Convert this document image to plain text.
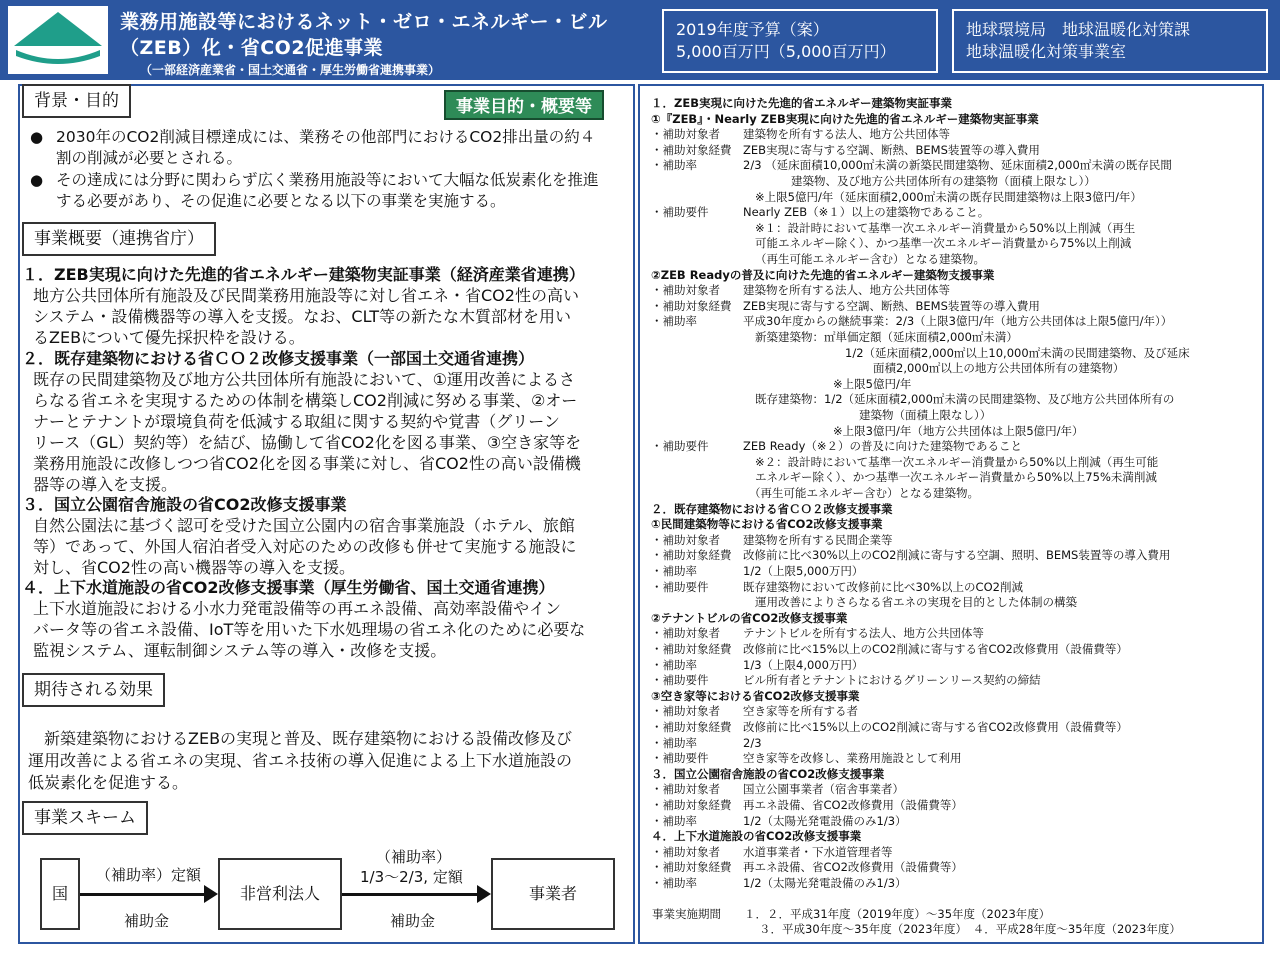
業務用施設等におけるネット・ゼロ・エネルギー・ビル
（ZEB）化・省CO2促進事業
（一部経済産業省・国土交通省・厚生労働省連携事業）
2019年度予算（案）
5,000百万円（5,000百万円）
地球環境局　地球温暖化対策課
地球温暖化対策事業室
背景・目的
● 2030年のCO2削減目標達成には、業務その他部門におけるCO2排出量の約４割の削減が必要とされる。
● その達成には分野に関わらず広く業務用施設等において大幅な低炭素化を推進する必要があり、その促進に必要となる以下の事業を実施する。
事業概要（連携省庁）
１．ZEB実現に向けた先進的省エネルギー建築物実証事業（経済産業省連携）
地方公共団体所有施設及び民間業務用施設等に対し省エネ・省CO2性の高い
システム・設備機器等の導入を支援。なお、CLT等の新たな木質部材を用い
るZEBについて優先採択枠を設ける。
２．既存建築物における省ＣＯ２改修支援事業（一部国土交通省連携）
既存の民間建築物及び地方公共団体所有施設において、①運用改善によるさ
らなる省エネを実現するための体制を構築しCO2削減に努める事業、②オー
ナーとテナントが環境負荷を低減する取組に関する契約や覚書（グリーン
リース（GL）契約等）を結び、協働して省CO2化を図る事業、③空き家等を
業務用施設に改修しつつ省CO2化を図る事業に対し、省CO2性の高い設備機
器等の導入を支援。
３．国立公園宿舎施設の省CO2改修支援事業
自然公園法に基づく認可を受けた国立公園内の宿舎事業施設（ホテル、旅館
等）であって、外国人宿泊者受入対応のための改修も併せて実施する施設に
対し、省CO2性の高い機器等の導入を支援。
４．上下水道施設の省CO2改修支援事業（厚生労働省、国土交通省連携）
上下水道施設における小水力発電設備等の再エネ設備、高効率設備やイン
バータ等の省エネ設備、IoT等を用いた下水処理場の省エネ化のために必要な
監視システム、運転制御システム等の導入・改修を支援。
期待される効果
　新築建築物におけるZEBの実現と普及、既存建築物における設備改修及び
運用改善による省エネの実現、省エネ技術の導入促進による上下水道施設の
低炭素化を促進する。
事業スキーム
国	非営利法人	事業者
（補助率）定額
補助金
（補助率）
1/3～2/3, 定額
補助金
事業目的・概要等	１．ZEB実現に向けた先進的省エネルギー建築物実証事業
①『ZEB』・Nearly ZEB実現に向けた先進的省エネルギー建築物実証事業
・補助対象者　　建築物を所有する法人、地方公共団体等
・補助対象経費　ZEB実現に寄与する空調、断熱、BEMS装置等の導入費用
・補助率　　　　2/3 （延床面積10,000㎡未満の新築民間建築物、延床面積2,000㎡未満の既存民間
建築物、及び地方公共団体所有の建築物（面積上限なし））
※上限5億円/年（延床面積2,000㎡未満の既存民間建築物は上限3億円/年）
・補助要件　　　Nearly ZEB（※１）以上の建築物であること。
※１：設計時において基準一次エネルギー消費量から50%以上削減（再生
可能エネルギー除く）、かつ基準一次エネルギー消費量から75%以上削減
（再生可能エネルギー含む）となる建築物。
②ZEB Readyの普及に向けた先進的省エネルギー建築物支援事業
・補助対象者　　建築物を所有する法人、地方公共団体等
・補助対象経費　ZEB実現に寄与する空調、断熱、BEMS装置等の導入費用
・補助率　　　　平成30年度からの継続事業：2/3（上限3億円/年（地方公共団体は上限5億円/年））
新築建築物：㎡単価定額（延床面積2,000㎡未満）
1/2（延床面積2,000㎡以上10,000㎡未満の民間建築物、及び延床
面積2,000㎡以上の地方公共団体所有の建築物）
※上限5億円/年
既存建築物：1/2（延床面積2,000㎡未満の民間建築物、及び地方公共団体所有の
建築物（面積上限なし））
※上限3億円/年（地方公共団体は上限5億円/年）
・補助要件　　　ZEB Ready（※２）の普及に向けた建築物であること
※２：設計時において基準一次エネルギー消費量から50%以上削減（再生可能
エネルギー除く）、かつ基準一次エネルギー消費量から50%以上75%未満削減
（再生可能エネルギー含む）となる建築物。
２．既存建築物における省ＣＯ２改修支援事業
①民間建築物等における省CO2改修支援事業
・補助対象者　　建築物を所有する民間企業等
・補助対象経費　改修前に比べ30%以上のCO2削減に寄与する空調、照明、BEMS装置等の導入費用
・補助率　　　　1/2（上限5,000万円）
・補助要件　　　既存建築物において改修前に比べ30%以上のCO2削減
運用改善によりさらなる省エネの実現を目的とした体制の構築
②テナントビルの省CO2改修支援事業
・補助対象者　　テナントビルを所有する法人、地方公共団体等
・補助対象経費　改修前に比べ15%以上のCO2削減に寄与する省CO2改修費用（設備費等）
・補助率　　　　1/3（上限4,000万円）
・補助要件　　　ビル所有者とテナントにおけるグリーンリース契約の締結
③空き家等における省CO2改修支援事業
・補助対象者　　空き家等を所有する者
・補助対象経費　改修前に比べ15%以上のCO2削減に寄与する省CO2改修費用（設備費等）
・補助率　　　　2/3
・補助要件　　　空き家等を改修し、業務用施設として利用
３．国立公園宿舎施設の省CO2改修支援事業
・補助対象者　　国立公園事業者（宿舎事業者）
・補助対象経費　再エネ設備、省CO2改修費用（設備費等）
・補助率　　　　1/2（太陽光発電設備のみ1/3）
４．上下水道施設の省CO2改修支援事業
・補助対象者　　水道事業者・下水道管理者等
・補助対象経費　再エネ設備、省CO2改修費用（設備費等）
・補助率　　　　1/2（太陽光発電設備のみ1/3）
事業実施期間　　１．２．平成31年度（2019年度）～35年度（2023年度）
３．平成30年度～35年度（2023年度）　４．平成28年度～35年度（2023年度）
